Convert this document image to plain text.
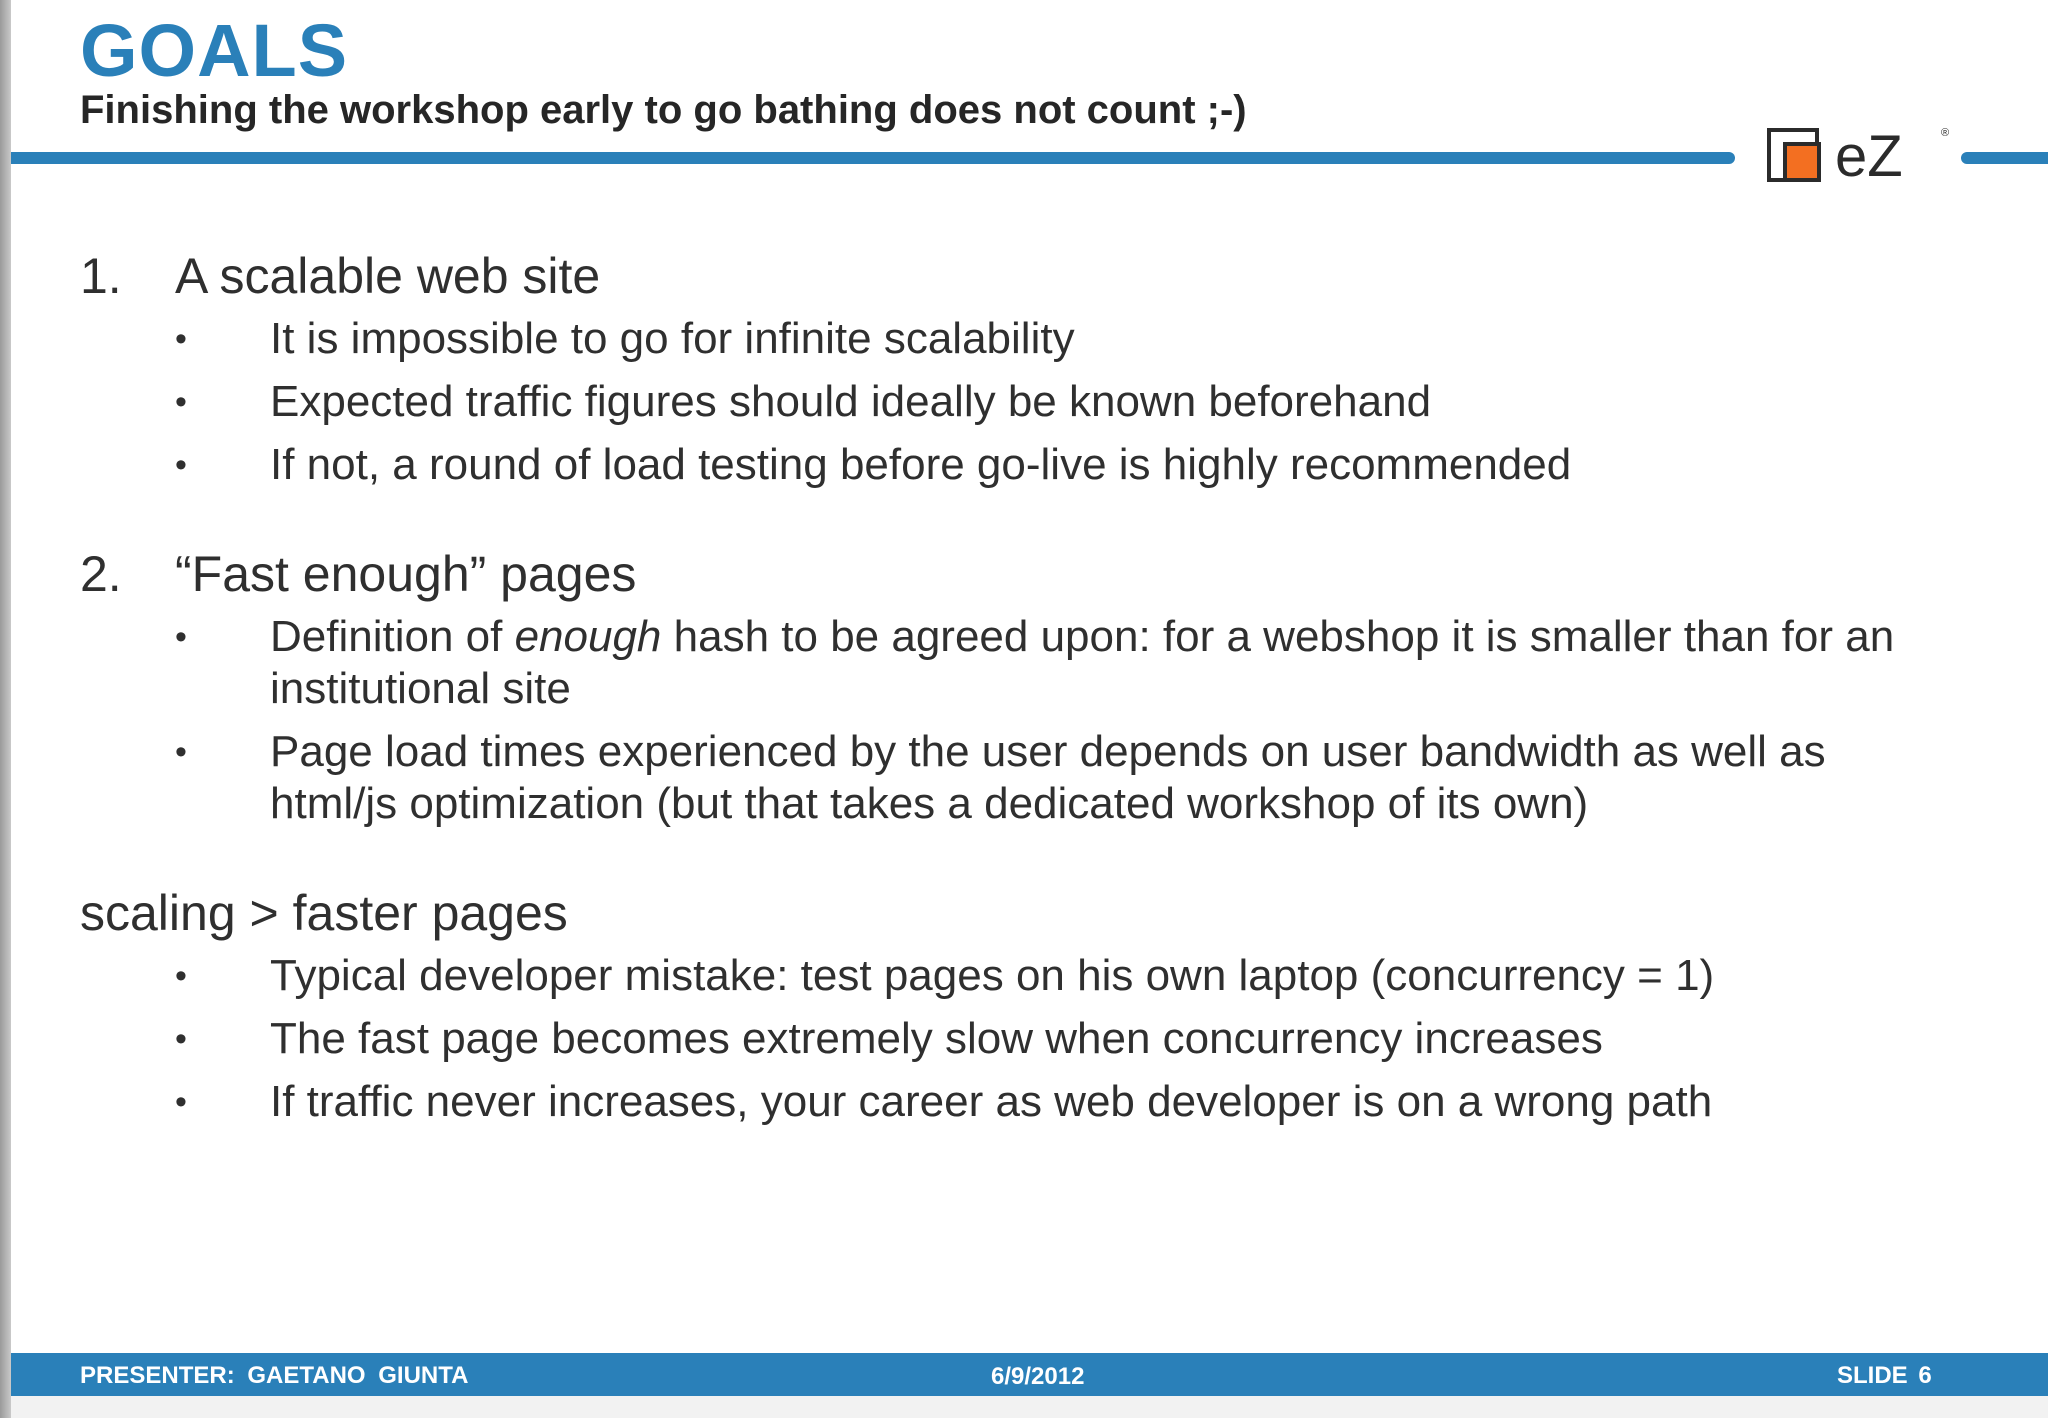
GOALS
Finishing the workshop early to go bathing does not count ;-)
eZ	®
1.	A scalable web site
•	It is impossible to go for infinite scalability
•	Expected traffic figures should ideally be known beforehand
•	If not, a round of load testing before go-live is highly recommended
2.	“Fast enough” pages
•	Definition of enough hash to be agreed upon: for a webshop it is smaller than for an institutional site
•	Page load times experienced by the user depends on user bandwidth as well as html/js optimization (but that takes a dedicated workshop of its own)
scaling > faster pages
•	Typical developer mistake: test pages on his own laptop (concurrency = 1)
•	The fast page becomes extremely slow when concurrency increases
•	If traffic never increases, your career as web developer is on a wrong path
PRESENTER: GAETANO GIUNTA	6/9/2012	SLIDE 6
